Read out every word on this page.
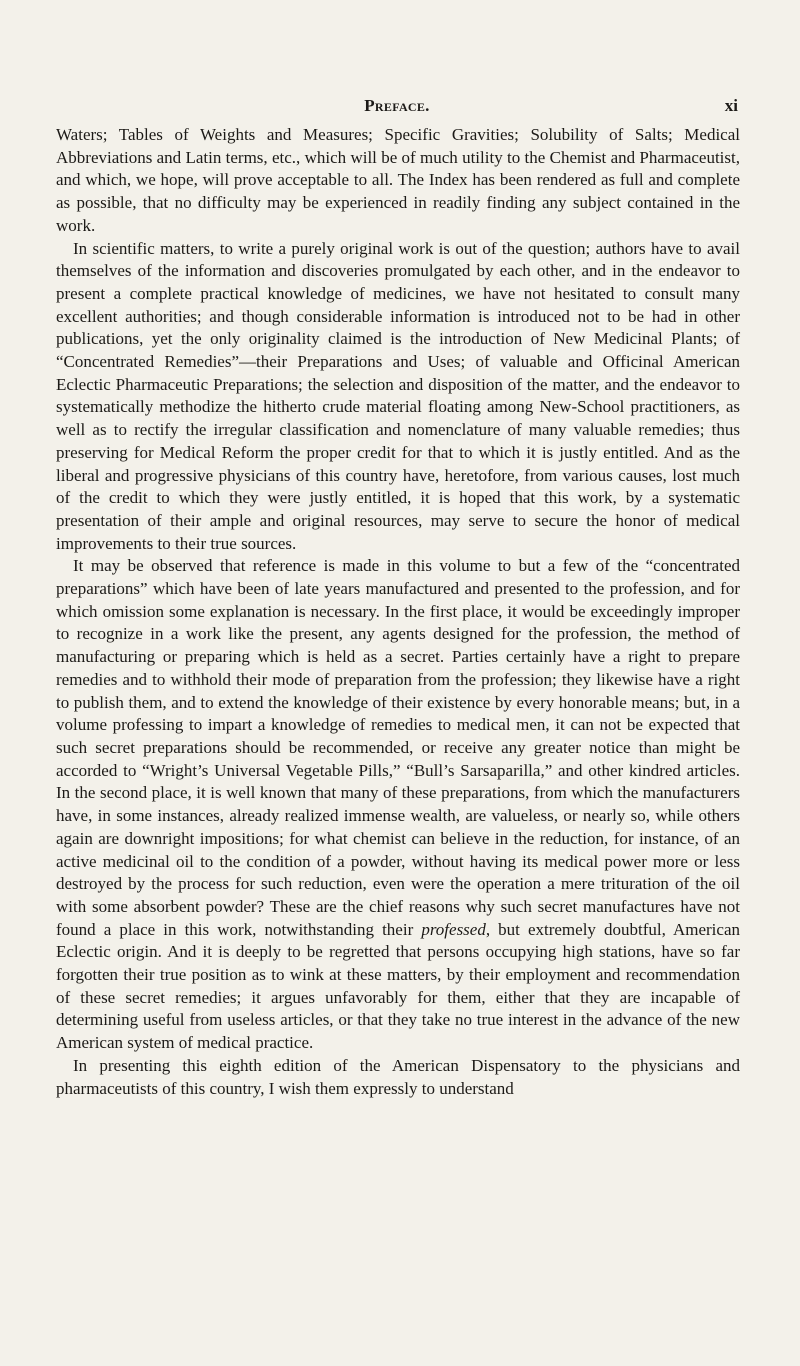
Preface.	xi

Waters; Tables of Weights and Measures; Specific Gravities; Solubility of Salts; Medical Abbreviations and Latin terms, etc., which will be of much utility to the Chemist and Pharmaceutist, and which, we hope, will prove acceptable to all. The Index has been rendered as full and complete as possible, that no difficulty may be experienced in readily finding any subject contained in the work.

In scientific matters, to write a purely original work is out of the question; authors have to avail themselves of the information and discoveries promulgated by each other, and in the endeavor to present a complete practical knowledge of medicines, we have not hesitated to consult many excellent authorities; and though considerable information is introduced not to be had in other publications, yet the only originality claimed is the introduction of New Medicinal Plants; of “Concentrated Remedies”—their Preparations and Uses; of valuable and Officinal American Eclectic Pharmaceutic Preparations; the selection and disposition of the matter, and the endeavor to systematically methodize the hitherto crude material floating among New-School practitioners, as well as to rectify the irregular classification and nomenclature of many valuable remedies; thus preserving for Medical Reform the proper credit for that to which it is justly entitled. And as the liberal and progressive physicians of this country have, heretofore, from various causes, lost much of the credit to which they were justly entitled, it is hoped that this work, by a systematic presentation of their ample and original resources, may serve to secure the honor of medical improvements to their true sources.

It may be observed that reference is made in this volume to but a few of the “concentrated preparations” which have been of late years manufactured and presented to the profession, and for which omission some explanation is necessary. In the first place, it would be exceedingly improper to recognize in a work like the present, any agents designed for the profession, the method of manufacturing or preparing which is held as a secret. Parties certainly have a right to prepare remedies and to withhold their mode of preparation from the profession; they likewise have a right to publish them, and to extend the knowledge of their existence by every honorable means; but, in a volume professing to impart a knowledge of remedies to medical men, it can not be expected that such secret preparations should be recommended, or receive any greater notice than might be accorded to “Wright’s Universal Vegetable Pills,” “Bull’s Sarsaparilla,” and other kindred articles. In the second place, it is well known that many of these preparations, from which the manufacturers have, in some instances, already realized immense wealth, are valueless, or nearly so, while others again are downright impositions; for what chemist can believe in the reduction, for instance, of an active medicinal oil to the condition of a powder, without having its medical power more or less destroyed by the process for such reduction, even were the operation a mere trituration of the oil with some absorbent powder? These are the chief reasons why such secret manufactures have not found a place in this work, notwithstanding their professed, but extremely doubtful, American Eclectic origin. And it is deeply to be regretted that persons occupying high stations, have so far forgotten their true position as to wink at these matters, by their employment and recommendation of these secret remedies; it argues unfavorably for them, either that they are incapable of determining useful from useless articles, or that they take no true interest in the advance of the new American system of medical practice.

In presenting this eighth edition of the American Dispensatory to the physicians and pharmaceutists of this country, I wish them expressly to understand
